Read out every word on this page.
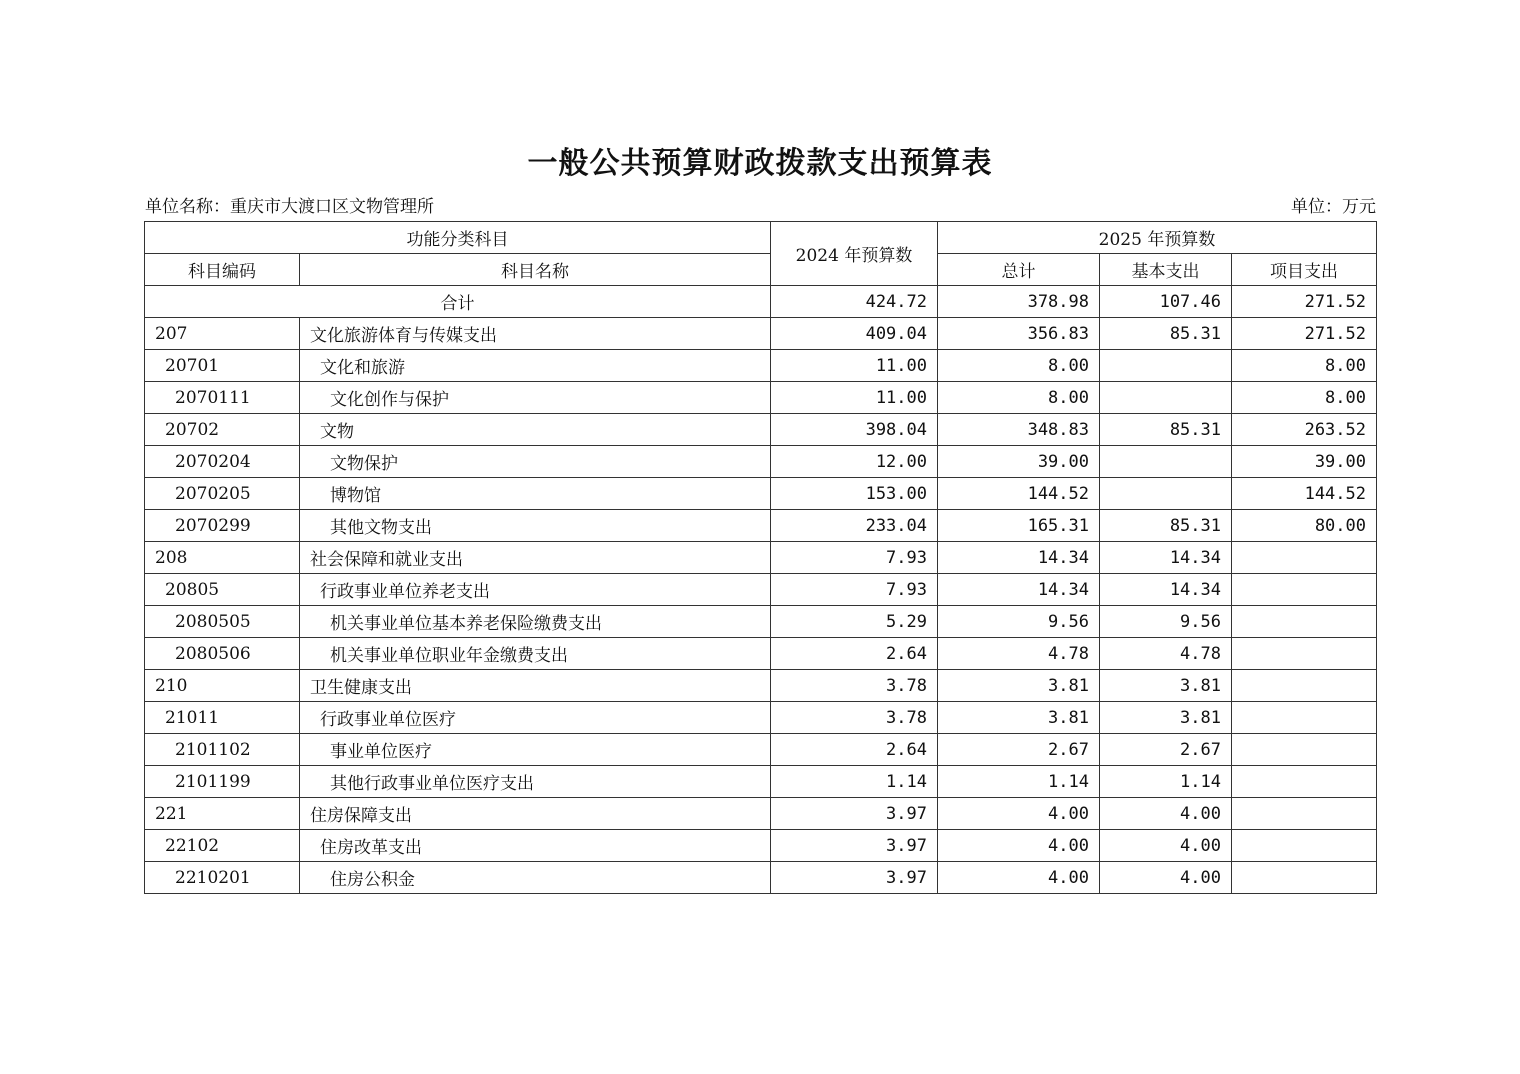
一般公共预算财政拨款支出预算表
单位名称：重庆市大渡口区文物管理所	单位：万元
功能分类科目		2024 年预算数	2025 年预算数		
科目编码	科目名称		总计	基本支出	项目支出
合计		424.72	378.98	107.46	271.52
207	文化旅游体育与传媒支出	409.04	356.83	85.31	271.52
20701	文化和旅游	11.00	8.00		8.00
2070111	文化创作与保护	11.00	8.00		8.00
20702	文物	398.04	348.83	85.31	263.52
2070204	文物保护	12.00	39.00		39.00
2070205	博物馆	153.00	144.52		144.52
2070299	其他文物支出	233.04	165.31	85.31	80.00
208	社会保障和就业支出	7.93	14.34	14.34	
20805	行政事业单位养老支出	7.93	14.34	14.34	
2080505	机关事业单位基本养老保险缴费支出	5.29	9.56	9.56	
2080506	机关事业单位职业年金缴费支出	2.64	4.78	4.78	
210	卫生健康支出	3.78	3.81	3.81	
21011	行政事业单位医疗	3.78	3.81	3.81	
2101102	事业单位医疗	2.64	2.67	2.67	
2101199	其他行政事业单位医疗支出	1.14	1.14	1.14	
221	住房保障支出	3.97	4.00	4.00	
22102	住房改革支出	3.97	4.00	4.00	
2210201	住房公积金	3.97	4.00	4.00	
